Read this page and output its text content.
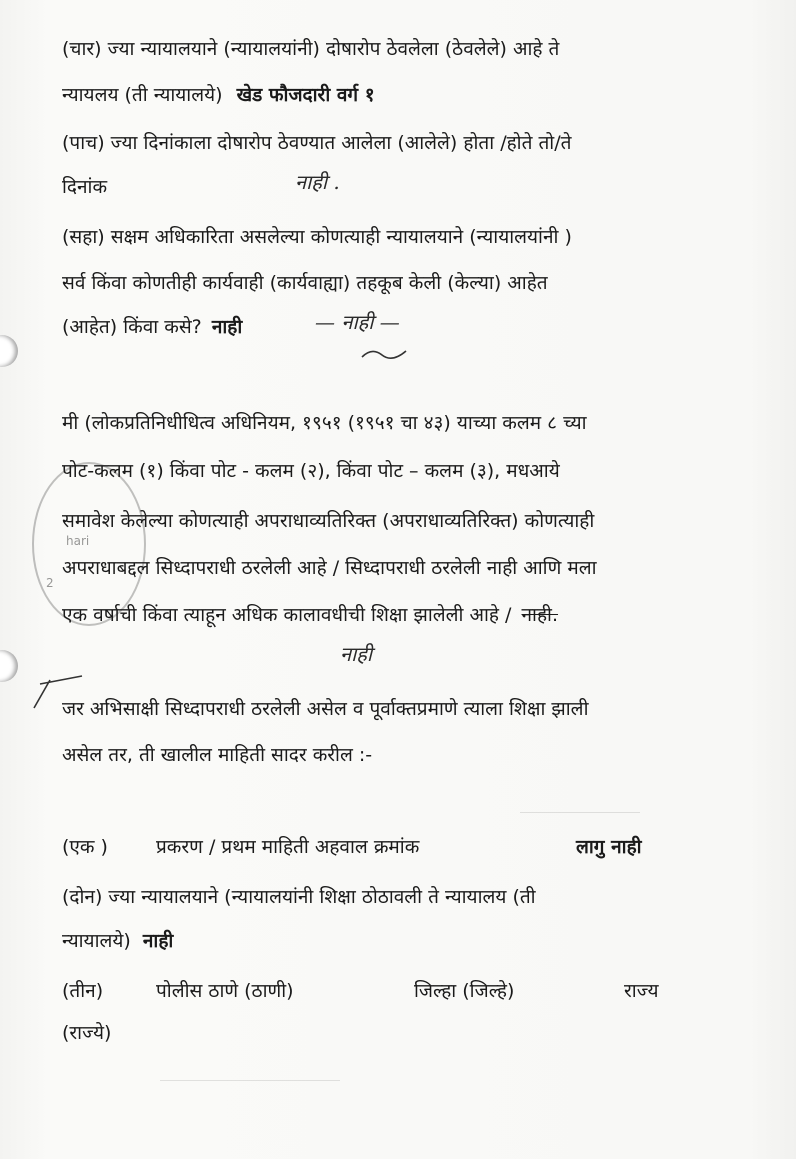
hari
2
(चार) ज्या न्यायालयाने (न्यायालयांनी) दोषारोप ठेवलेला (ठेवलेले) आहे ते
न्यायलय (ती न्यायालये) खेड फौजदारी वर्ग १
(पाच) ज्या दिनांकाला दोषारोप ठेवण्यात आलेला (आलेले) होता /होते तो/ते
दिनांक	नाही .
(सहा) सक्षम अधिकारिता असलेल्या कोणत्याही न्यायालयाने (न्यायालयांनी )
सर्व किंवा कोणतीही कार्यवाही (कार्यवाह्या) तहकूब केली (केल्या) आहेत
(आहेत) किंवा कसे? नाही	— नाही —
मी (लोकप्रतिनिधीधित्व अधिनियम, १९५१ (१९५१ चा ४३) याच्या कलम ८ च्या
पोट-कलम (१) किंवा पोट - कलम (२), किंवा पोट – कलम (३), मधआये
समावेश केलेल्या कोणत्याही अपराधाव्यतिरिक्त (अपराधाव्यतिरिक्त) कोणत्याही
अपराधाबद्दल सिध्दापराधी ठरलेली आहे / सिध्दापराधी ठरलेली नाही आणि मला
एक वर्षाची किंवा त्याहून अधिक कालावधीची शिक्षा झालेली आहे / नाही.
नाही
जर अभिसाक्षी सिध्दापराधी ठरलेली असेल व पूर्वाक्तप्रमाणे त्याला शिक्षा झाली
असेल तर, ती खालील माहिती सादर करील :-
(एक )	प्रकरण / प्रथम माहिती अहवाल क्रमांक	लागु नाही
(दोन) ज्या न्यायालयाने (न्यायालयांनी शिक्षा ठोठावली ते न्यायालय (ती
न्यायालये) नाही
(तीन)	पोलीस ठाणे (ठाणी)	जिल्हा (जिल्हे)	राज्य
(राज्ये)
